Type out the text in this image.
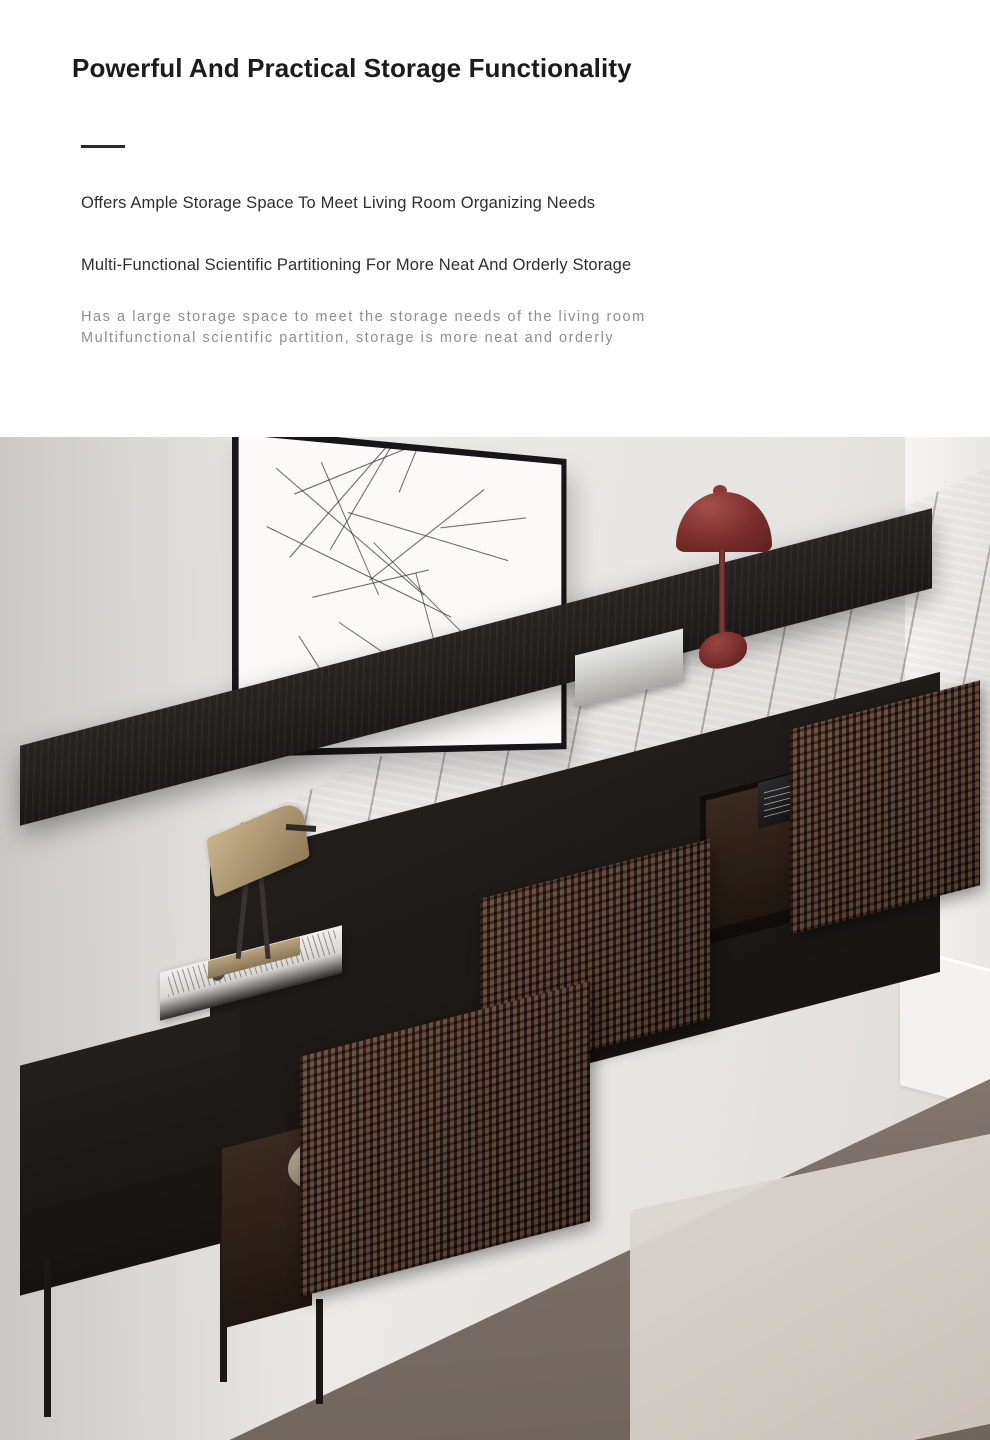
Powerful And Practical Storage Functionality
Offers Ample Storage Space To Meet Living Room Organizing Needs
Multi-Functional Scientific Partitioning For More Neat And Orderly Storage
Has a large storage space to meet the storage needs of the living room
Multifunctional scientific partition, storage is more neat and orderly
